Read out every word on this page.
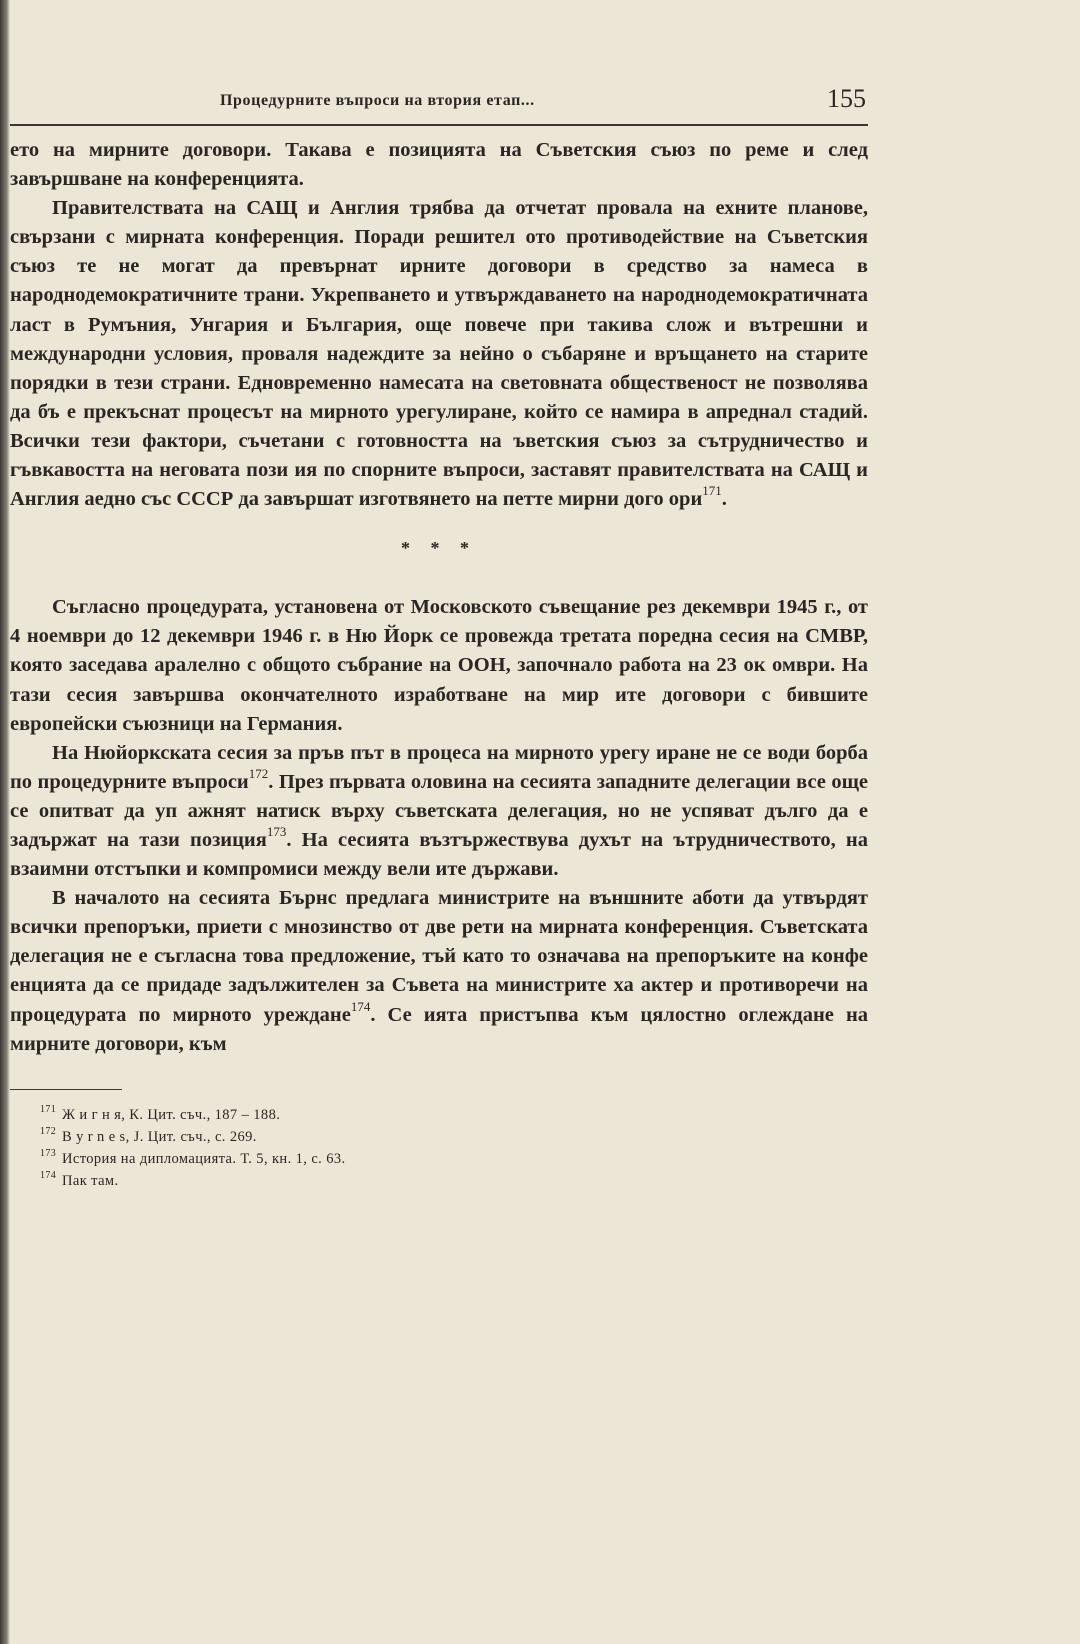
Процедурните въпроси на втория етап...	155

ето на мирните договори. Такава е позицията на Съветския съюз по реме и след завършване на конференцията.

Правителствата на САЩ и Англия трябва да отчетат провала на ехните планове, свързани с мирната конференция. Поради решител ото противодействие на Съветския съюз те не могат да превърнат ирните договори в средство за намеса в народнодемократичните трани. Укрепването и утвърждаването на народнодемократичната ласт в Румъния, Унгария и България, още повече при такива слож и вътрешни и международни условия, проваля надеждите за нейно о събаряне и връщането на старите порядки в тези страни. Едновременно намесата на световната общественост не позволява да бъ е прекъснат процесът на мирното урегулиране, който се намира в апреднал стадий. Всички тези фактори, съчетани с готовността на ъветския съюз за сътрудничество и гъвкавостта на неговата пози ия по спорните въпроси, заставят правителствата на САЩ и Англия аедно със СССР да завършат изготвянето на петте мирни дого ори$^{171}$.

* * *

Съгласно процедурата, установена от Московското съвещание рез декември 1945 г., от 4 ноември до 12 декември 1946 г. в Ню Йорк се провежда третата поредна сесия на СМВР, която заседава аралелно с общото събрание на ООН, започнало работа на 23 ок омври. На тази сесия завършва окончателното изработване на мир ите договори с бившите европейски съюзници на Германия.

На Нюйоркската сесия за пръв път в процеса на мирното урегу иране не се води борба по процедурните въпроси$^{172}$. През първата оловина на сесията западните делегации все още се опитват да уп ажнят натиск върху съветската делегация, но не успяват дълго да е задържат на тази позиция$^{173}$. На сесията възтържествува духът на ътрудничеството, на взаимни отстъпки и компромиси между вели ите държави.

В началото на сесията Бърнс предлага министрите на външните аботи да утвърдят всички препоръки, приети с мнозинство от две рети на мирната конференция. Съветската делегация не е съгласна това предложение, тъй като то означава на препоръките на конфе енцията да се придаде задължителен за Съвета на министрите ха актер и противоречи на процедурата по мирното уреждане$^{174}$. Се ията пристъпва към цялостно оглеждане на мирните договори, към

171 Ж и г н я, К. Цит. съч., 187 – 188.
172 B y r n e s, J. Цит. съч., с. 269.
173 История на дипломацията. Т. 5, кн. 1, с. 63.
174 Пак там.
